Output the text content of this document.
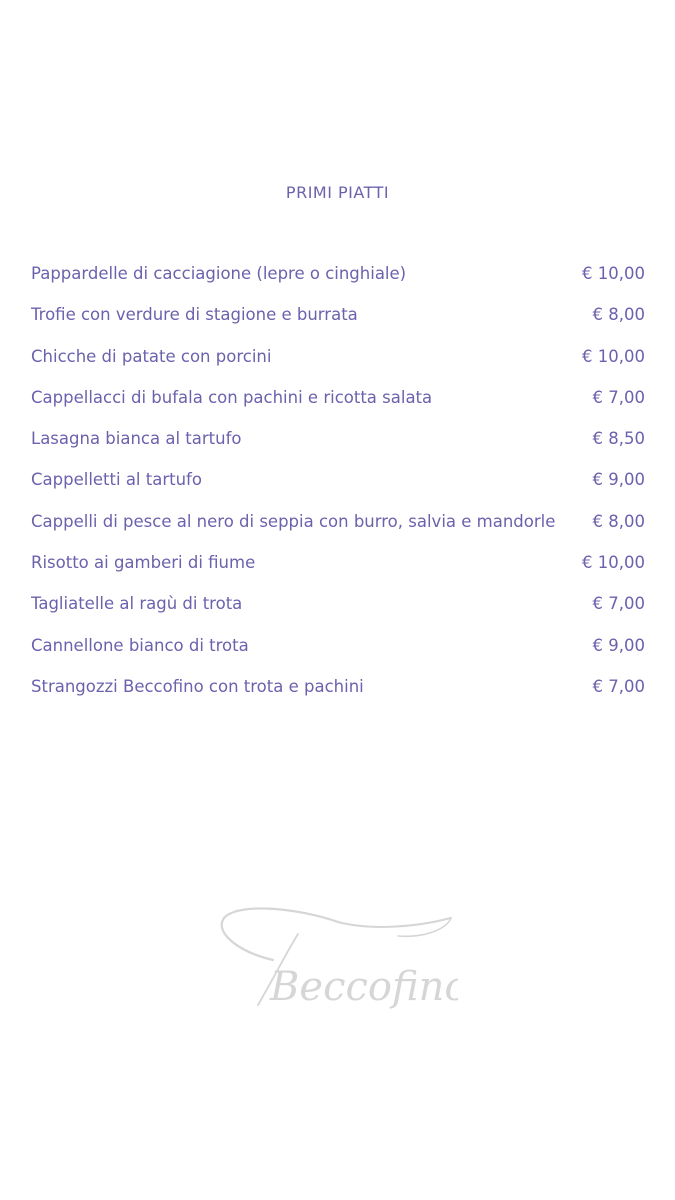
PRIMI PIATTI
Pappardelle di cacciagione (lepre o cinghiale)	€ 10,00
Trofie con verdure di stagione e burrata	€ 8,00
Chicche di patate con porcini	€ 10,00
Cappellacci di bufala con pachini e ricotta salata	€ 7,00
Lasagna bianca al tartufo	€ 8,50
Cappelletti al tartufo	€ 9,00
Cappelli di pesce al nero di seppia con burro, salvia e mandorle	€ 8,00
Risotto ai gamberi di fiume	€ 10,00
Tagliatelle al ragù di trota	€ 7,00
Cannellone bianco di trota	€ 9,00
Strangozzi Beccofino con trota e pachini	€ 7,00
Beccofino
